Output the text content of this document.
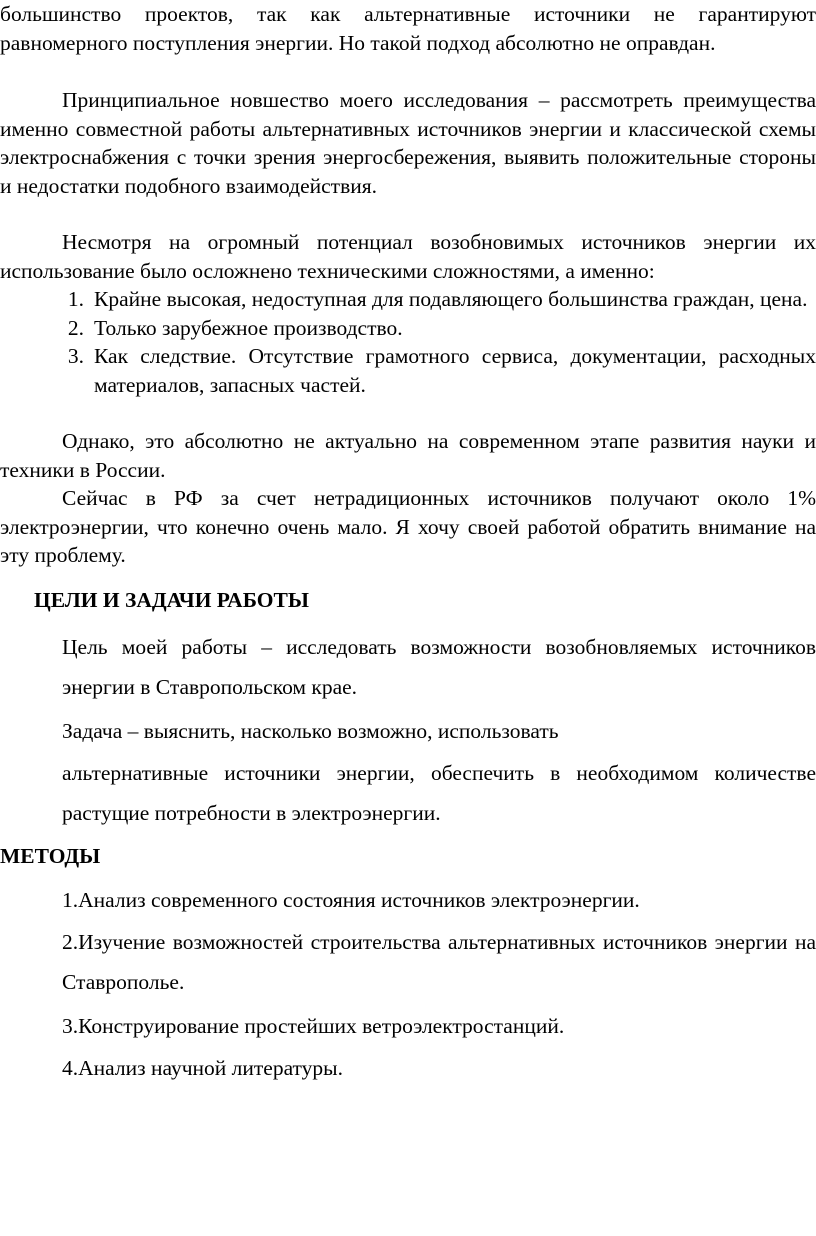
большинство проектов, так как альтернативные источники не гарантируют равномерного поступления энергии. Но такой подход абсолютно не оправдан.

Принципиальное новшество моего исследования – рассмотреть преимущества именно совместной работы альтернативных источников энергии и классической схемы электроснабжения с точки зрения энергосбережения, выявить положительные стороны и недостатки подобного взаимодействия.

Несмотря на огромный потенциал возобновимых источников энергии их использование было осложнено техническими сложностями, а именно:

1. Крайне высокая, недоступная для подавляющего большинства граждан, цена.
2. Только зарубежное производство.
3. Как следствие. Отсутствие грамотного сервиса, документации, расходных материалов, запасных частей.

Однако, это абсолютно не актуально на современном этапе развития науки и техники в России.

Сейчас в РФ за счет нетрадиционных источников получают около 1% электроэнергии, что конечно очень мало. Я хочу своей работой обратить внимание на эту проблему.

ЦЕЛИ И ЗАДАЧИ РАБОТЫ

Цель моей работы – исследовать возможности возобновляемых источников энергии в Ставропольском крае.

Задача – выяснить, насколько возможно, использовать

альтернативные источники энергии, обеспечить в необходимом количестве растущие потребности в электроэнергии.

МЕТОДЫ

1.Анализ современного состояния источников электроэнергии.

2.Изучение возможностей строительства альтернативных источников энергии на Ставрополье.

3.Конструирование простейших ветроэлектростанций.

4.Анализ научной литературы.
